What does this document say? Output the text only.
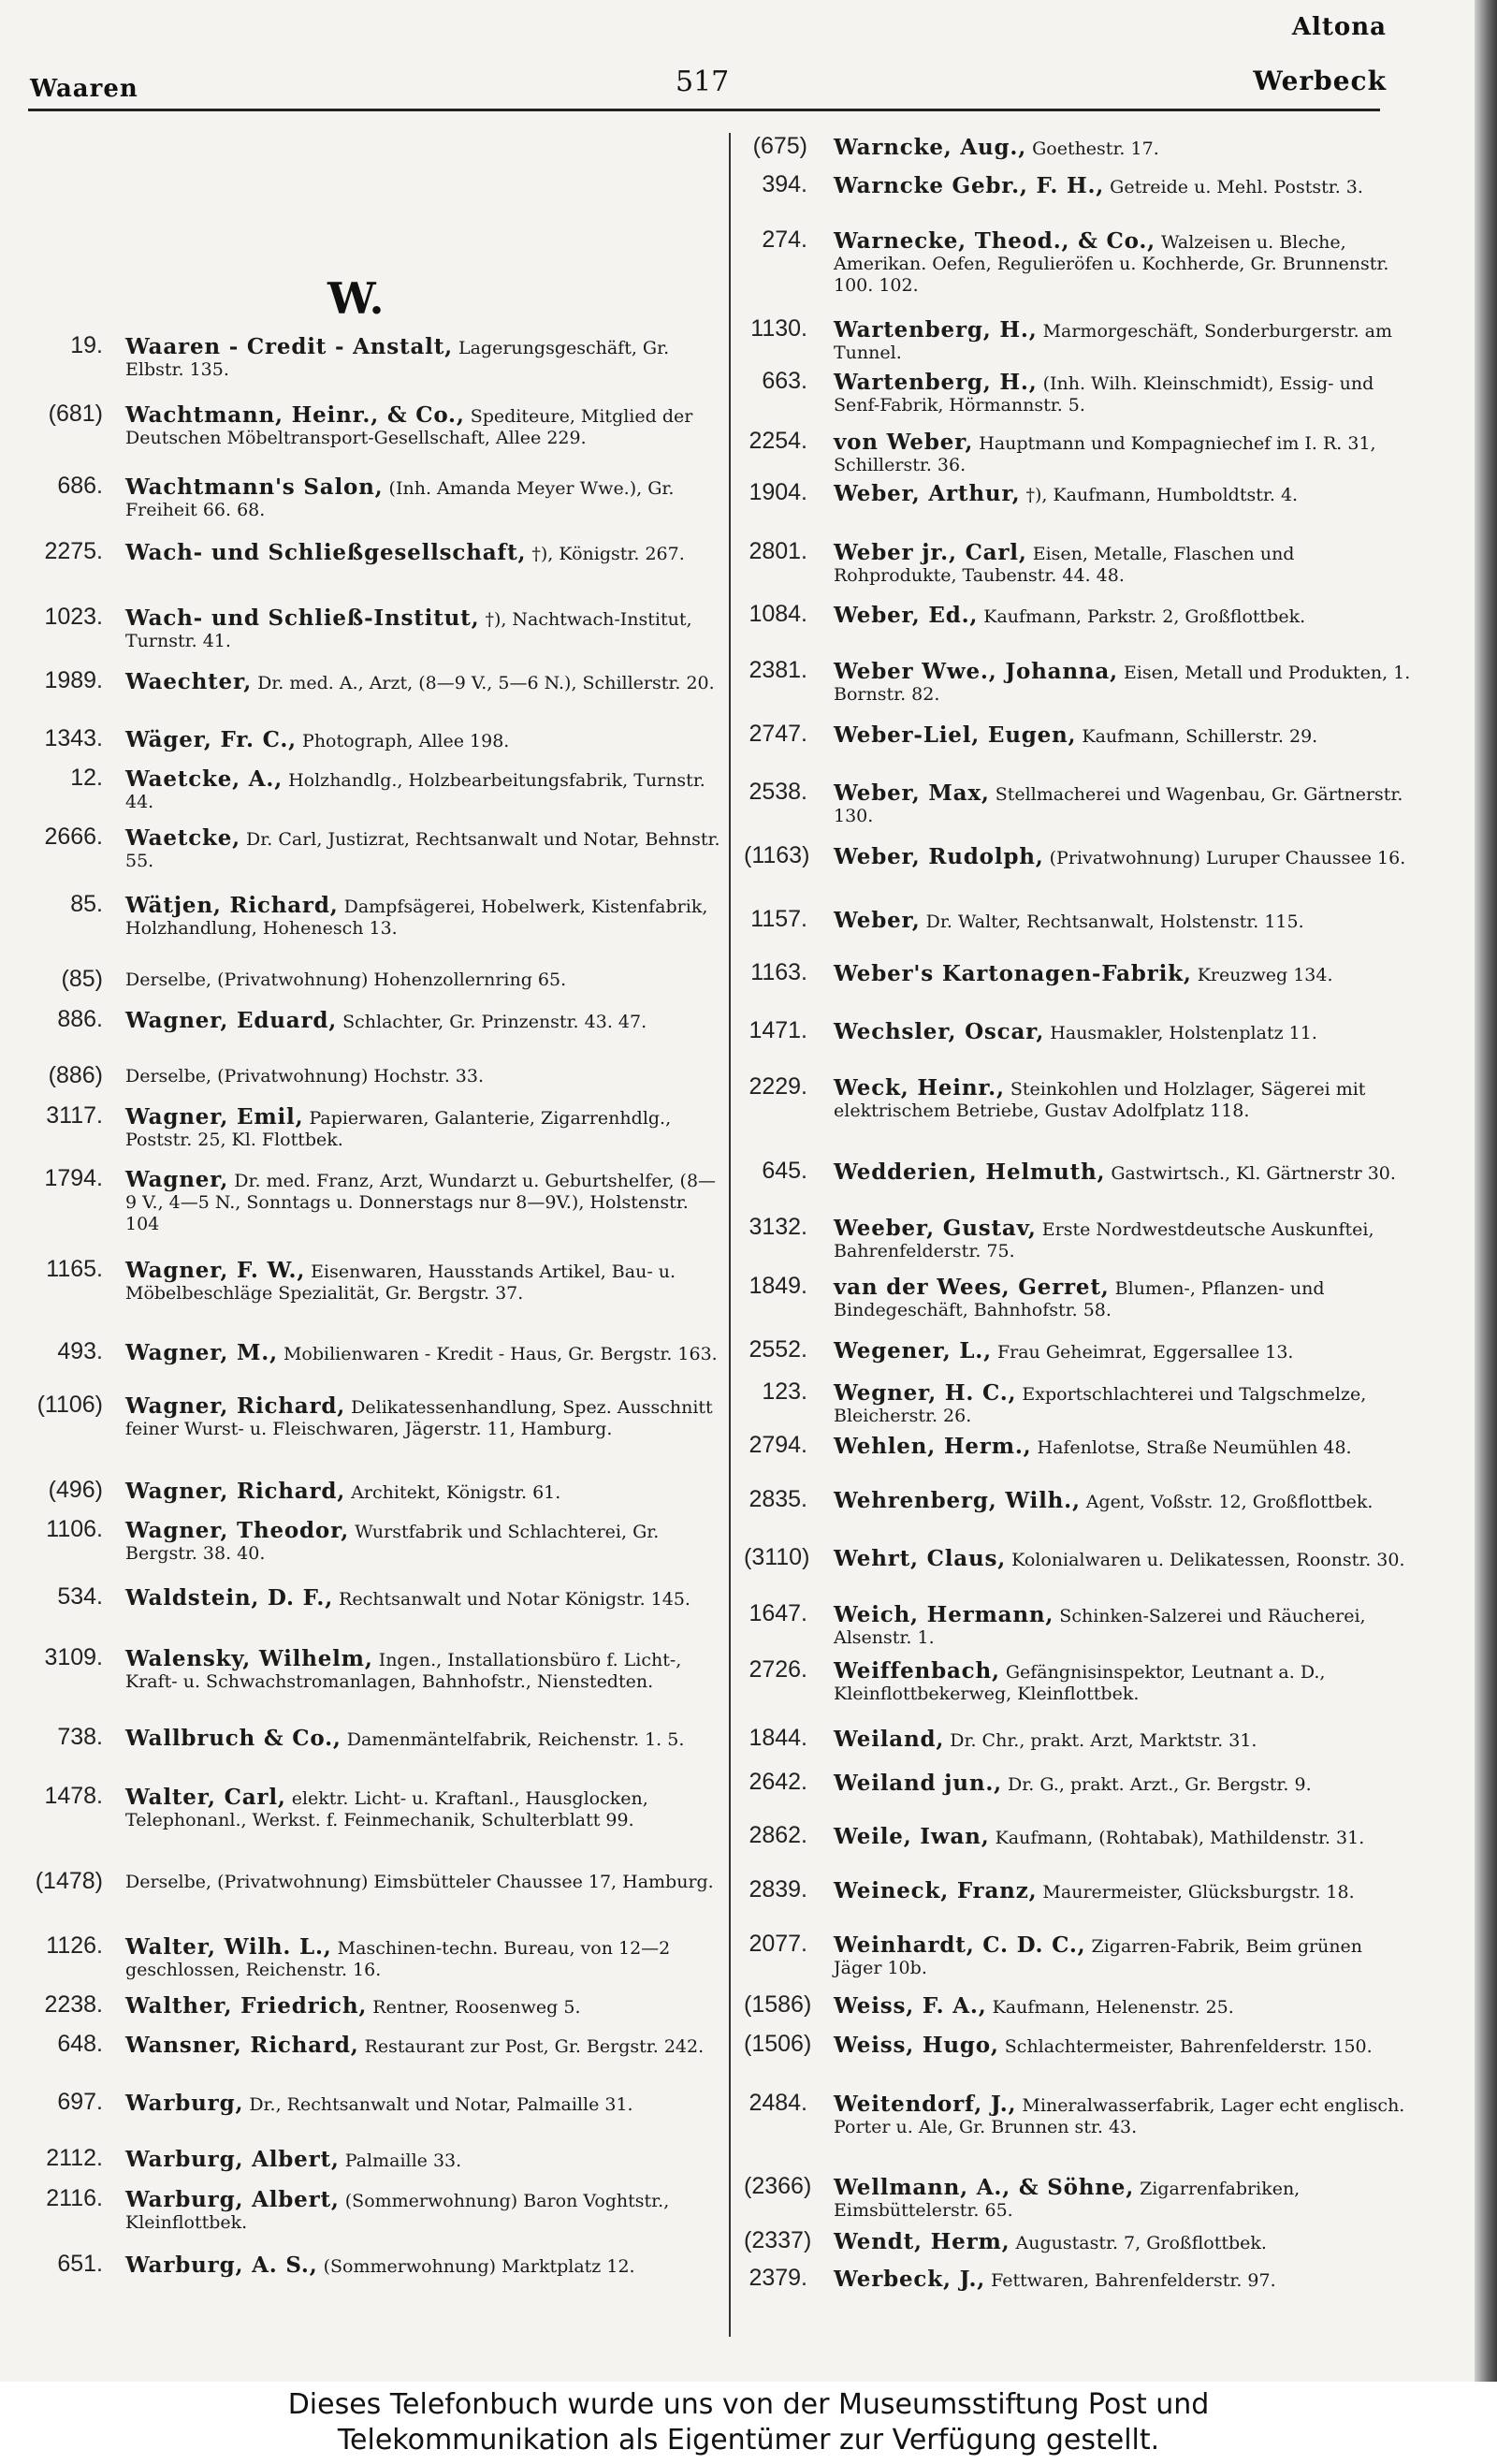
Waaren	517
Altona
Werbeck
W.
19. Waaren - Credit - Anstalt, Lagerungsgeschäft, Gr. Elbstr. 135.
(681) Wachtmann, Heinr., & Co., Spediteure, Mitglied der Deutschen Möbeltransport-Gesellschaft, Allee 229.
686. Wachtmann's Salon, (Inh. Amanda Meyer Wwe.), Gr. Freiheit 66. 68.
2275. Wach- und Schließgesellschaft, †), Königstr. 267.
1023. Wach- und Schließ-Institut, †), Nachtwach-Institut, Turnstr. 41.
1989. Waechter, Dr. med. A., Arzt, (8—9 V., 5—6 N.), Schillerstr. 20.
1343. Wäger, Fr. C., Photograph, Allee 198.
12. Waetcke, A., Holzhandlg., Holzbearbeitungsfabrik, Turnstr. 44.
2666. Waetcke, Dr. Carl, Justizrat, Rechtsanwalt und Notar, Behnstr. 55.
85. Wätjen, Richard, Dampfsägerei, Hobelwerk, Kistenfabrik, Holzhandlung, Hohenesch 13.
(85) Derselbe, (Privatwohnung) Hohenzollernring 65.
886. Wagner, Eduard, Schlachter, Gr. Prinzenstr. 43. 47.
(886) Derselbe, (Privatwohnung) Hochstr. 33.
3117. Wagner, Emil, Papierwaren, Galanterie, Zigarrenhdlg., Poststr. 25, Kl. Flottbek.
1794. Wagner, Dr. med. Franz, Arzt, Wundarzt u. Geburtshelfer, (8—9 V., 4—5 N., Sonntags u. Donnerstags nur 8—9V.), Holstenstr. 104
1165. Wagner, F. W., Eisenwaren, Hausstands Artikel, Bau- u. Möbelbeschläge Spezialität, Gr. Bergstr. 37.
493. Wagner, M., Mobilienwaren - Kredit - Haus, Gr. Bergstr. 163.
(1106) Wagner, Richard, Delikatessenhandlung, Spez. Ausschnitt feiner Wurst- u. Fleischwaren, Jägerstr. 11, Hamburg.
(496) Wagner, Richard, Architekt, Königstr. 61.
1106. Wagner, Theodor, Wurstfabrik und Schlachterei, Gr. Bergstr. 38. 40.
534. Waldstein, D. F., Rechtsanwalt und Notar Königstr. 145.
3109. Walensky, Wilhelm, Ingen., Installationsbüro f. Licht-, Kraft- u. Schwachstromanlagen, Bahnhofstr., Nienstedten.
738. Wallbruch & Co., Damenmäntelfabrik, Reichenstr. 1. 5.
1478. Walter, Carl, elektr. Licht- u. Kraftanl., Hausglocken, Telephonanl., Werkst. f. Feinmechanik, Schulterblatt 99.
(1478) Derselbe, (Privatwohnung) Eimsbütteler Chaussee 17, Hamburg.
1126. Walter, Wilh. L., Maschinen-techn. Bureau, von 12—2 geschlossen, Reichenstr. 16.
2238. Walther, Friedrich, Rentner, Roosenweg 5.
648. Wansner, Richard, Restaurant zur Post, Gr. Bergstr. 242.
697. Warburg, Dr., Rechtsanwalt und Notar, Palmaille 31.
2112. Warburg, Albert, Palmaille 33.
2116. Warburg, Albert, (Sommerwohnung) Baron Voghtstr., Kleinflottbek.
651. Warburg, A. S., (Sommerwohnung) Marktplatz 12.
(675) Warncke, Aug., Goethestr. 17.
394. Warncke Gebr., F. H., Getreide u. Mehl. Poststr. 3.
274. Warnecke, Theod., & Co., Walzeisen u. Bleche, Amerikan. Oefen, Regulieröfen u. Kochherde, Gr. Brunnenstr. 100. 102.
1130. Wartenberg, H., Marmorgeschäft, Sonderburgerstr. am Tunnel.
663. Wartenberg, H., (Inh. Wilh. Kleinschmidt), Essig- und Senf-Fabrik, Hörmannstr. 5.
2254. von Weber, Hauptmann und Kompagniechef im I. R. 31, Schillerstr. 36.
1904. Weber, Arthur, †), Kaufmann, Humboldtstr. 4.
2801. Weber jr., Carl, Eisen, Metalle, Flaschen und Rohprodukte, Taubenstr. 44. 48.
1084. Weber, Ed., Kaufmann, Parkstr. 2, Großflottbek.
2381. Weber Wwe., Johanna, Eisen, Metall und Produkten, 1. Bornstr. 82.
2747. Weber-Liel, Eugen, Kaufmann, Schillerstr. 29.
2538. Weber, Max, Stellmacherei und Wagenbau, Gr. Gärtnerstr. 130.
(1163) Weber, Rudolph, (Privatwohnung) Luruper Chaussee 16.
1157. Weber, Dr. Walter, Rechtsanwalt, Holstenstr. 115.
1163. Weber's Kartonagen-Fabrik, Kreuzweg 134.
1471. Wechsler, Oscar, Hausmakler, Holstenplatz 11.
2229. Weck, Heinr., Steinkohlen und Holzlager, Sägerei mit elektrischem Betriebe, Gustav Adolfplatz 118.
645. Wedderien, Helmuth, Gastwirtsch., Kl. Gärtnerstr 30.
3132. Weeber, Gustav, Erste Nordwestdeutsche Auskunftei, Bahrenfelderstr. 75.
1849. van der Wees, Gerret, Blumen-, Pflanzen- und Bindegeschäft, Bahnhofstr. 58.
2552. Wegener, L., Frau Geheimrat, Eggersallee 13.
123. Wegner, H. C., Exportschlachterei und Talgschmelze, Bleicherstr. 26.
2794. Wehlen, Herm., Hafenlotse, Straße Neumühlen 48.
2835. Wehrenberg, Wilh., Agent, Voßstr. 12, Großflottbek.
(3110) Wehrt, Claus, Kolonialwaren u. Delikatessen, Roonstr. 30.
1647. Weich, Hermann, Schinken-Salzerei und Räucherei, Alsenstr. 1.
2726. Weiffenbach, Gefängnisinspektor, Leutnant a. D., Kleinflottbekerweg, Kleinflottbek.
1844. Weiland, Dr. Chr., prakt. Arzt, Marktstr. 31.
2642. Weiland jun., Dr. G., prakt. Arzt., Gr. Bergstr. 9.
2862. Weile, Iwan, Kaufmann, (Rohtabak), Mathildenstr. 31.
2839. Weineck, Franz, Maurermeister, Glücksburgstr. 18.
2077. Weinhardt, C. D. C., Zigarren-Fabrik, Beim grünen Jäger 10b.
(1586) Weiss, F. A., Kaufmann, Helenenstr. 25.
(1506) Weiss, Hugo, Schlachtermeister, Bahrenfelderstr. 150.
2484. Weitendorf, J., Mineralwasserfabrik, Lager echt englisch. Porter u. Ale, Gr. Brunnen str. 43.
(2366) Wellmann, A., & Söhne, Zigarrenfabriken, Eimsbüttelerstr. 65.
(2337) Wendt, Herm, Augustastr. 7, Großflottbek.
2379. Werbeck, J., Fettwaren, Bahrenfelderstr. 97.
Dieses Telefonbuch wurde uns von der Museumsstiftung Post und
Telekommunikation als Eigentümer zur Verfügung gestellt.
